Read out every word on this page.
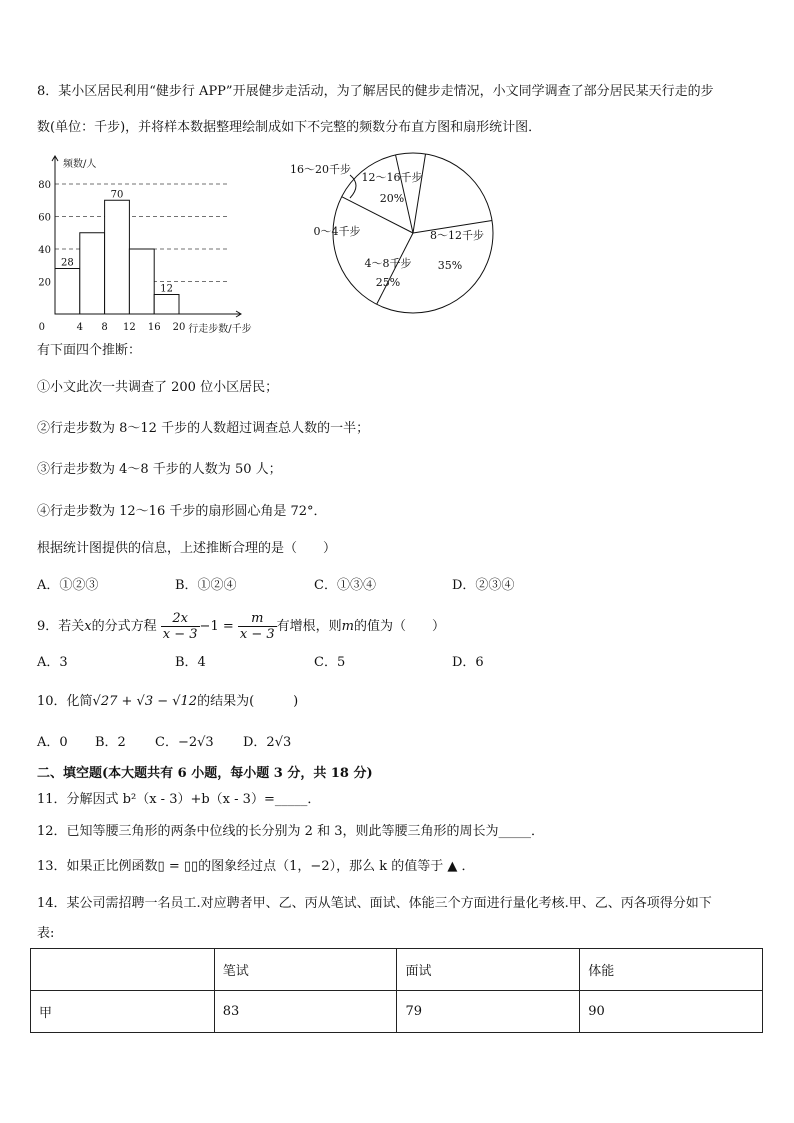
8．某小区居民利用“健步行 APP”开展健步走活动，为了解居民的健步走情况，小文同学调查了部分居民某天行走的步
数(单位：千步)，并将样本数据整理绘制成如下不完整的频数分布直方图和扇形统计图．
28
70
12
4 8 12 16 20
20
40
60
80
0
频数/人
行走步数/千步
12～16千步
20%
8～12千步
35%
4～8千步
25%
0～4千步
16～20千步
有下面四个推断：
①小文此次一共调查了 200 位小区居民；
②行走步数为 8～12 千步的人数超过调查总人数的一半；
③行走步数为 4～8 千步的人数为 50 人；
④行走步数为 12～16 千步的扇形圆心角是 72°．
根据统计图提供的信息，上述推断合理的是（　　）
A．①②③	B．①②④	C．①③④	D．②③④
9．若关x的分式方程 $\frac{2x}{x - 3} -1 = \frac{m}{x - 3}$ 有增根，则m的值为（　　）
A．3	B．4	C．5	D．6
10．化简√27 + √3 − √12的结果为(　　　)
A．0 B．2 C．−2√3 D．2√3
二、填空题(本大题共有 6 小题，每小题 3 分，共 18 分)
11．分解因式 b²（x - 3）+b（x - 3）=_____．
12．已知等腰三角形的两条中位线的长分别为 2 和 3，则此等腰三角形的周长为_____．
13．如果正比例函数▯ = ▯▯的图象经过点（1，−2），那么 k 的值等于 ▲ ．
14．某公司需招聘一名员工.对应聘者甲、乙、丙从笔试、面试、体能三个方面进行量化考核.甲、乙、丙各项得分如下
表:
	笔试	面试	体能
甲	83	79	90
